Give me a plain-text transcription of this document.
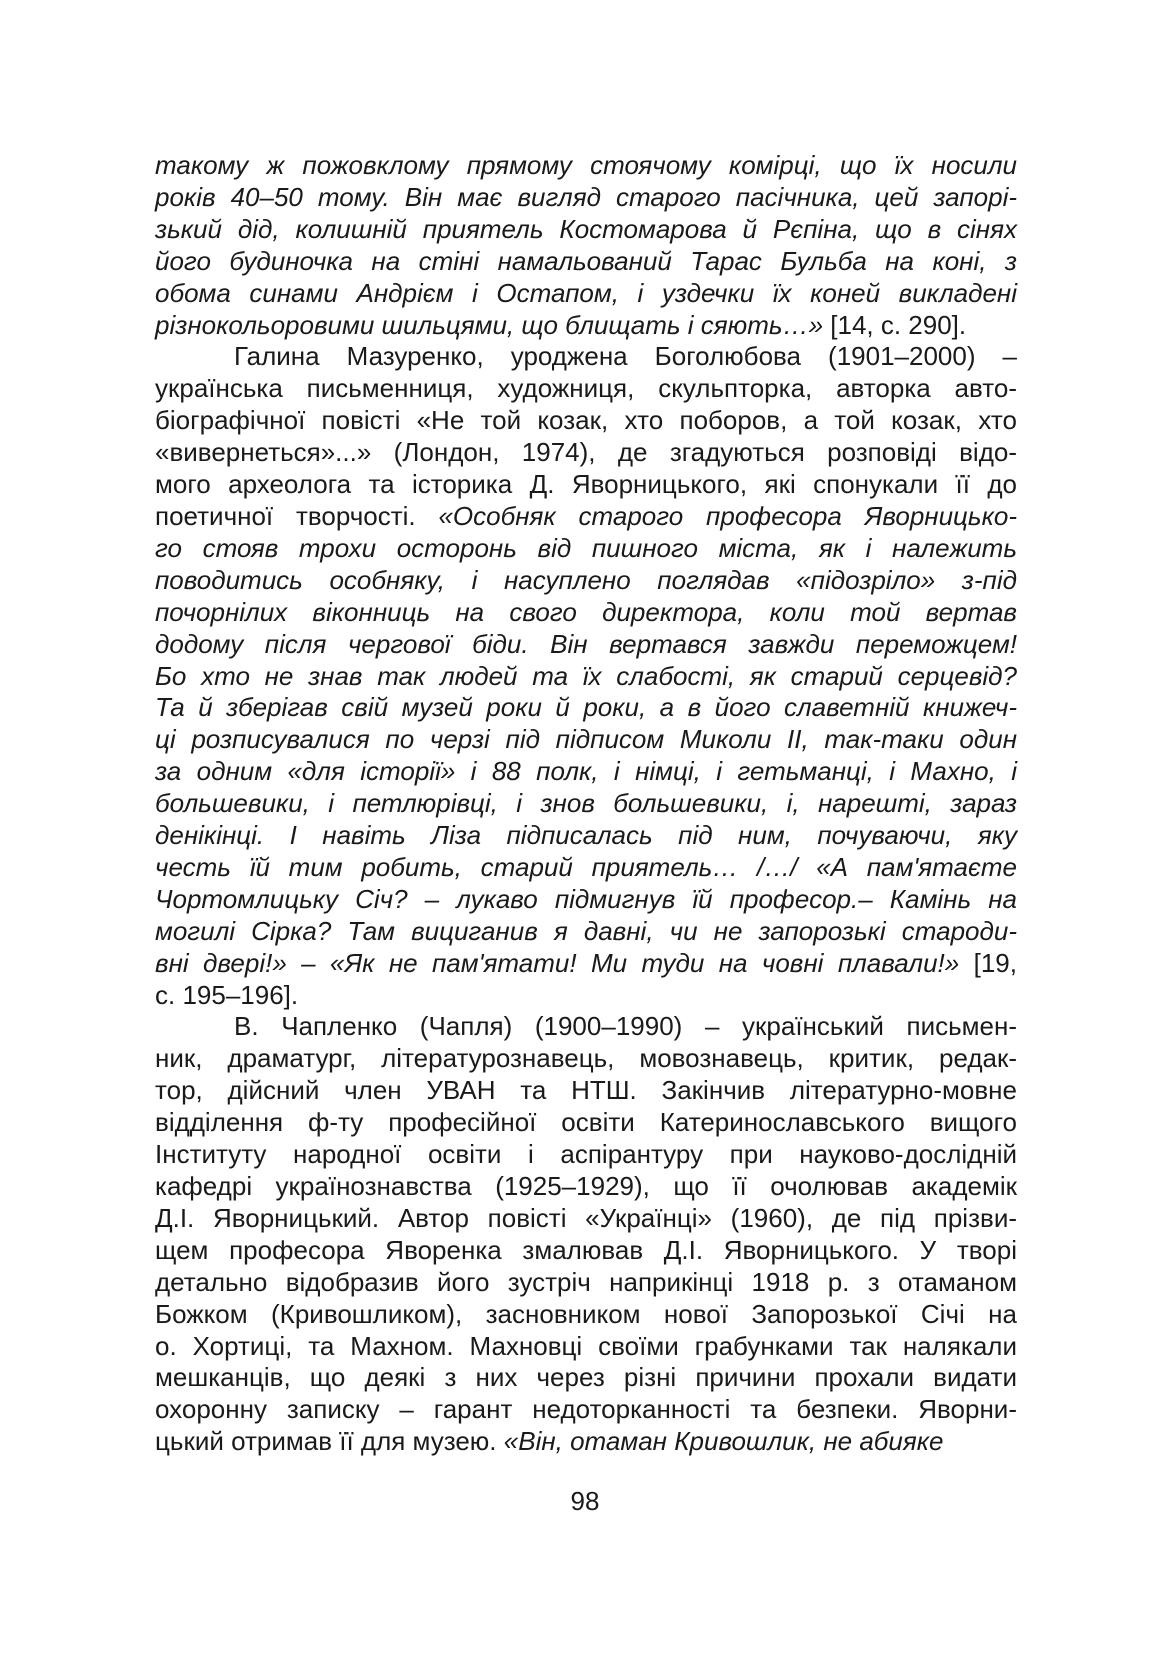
такому ж пожовклому прямому стоячому комірці, що їх носили
років 40–50 тому. Він має вигляд старого пасічника, цей запорі-
зький дід, колишній приятель Костомарова й Рєпіна, що в сінях
його будиночка на стіні намальований Тарас Бульба на коні, з
обома синами Андрієм і Остапом, і уздечки їх коней викладені
різнокольоровими шильцями, що блищать і сяють…» [14, с. 290].
Галина Мазуренко, уроджена Боголюбова (1901–2000) –
українська письменниця, художниця, скульпторка, авторка авто-
біографічної повісті «Не той козак, хто поборов, а той козак, хто
«вивернеться»...» (Лондон, 1974), де згадуються розповіді відо-
мого археолога та історика Д. Яворницького, які спонукали її до
поетичної творчості. «Особняк старого професора Яворницько-
го стояв трохи осторонь від пишного міста, як і належить
поводитись особняку, і насуплено поглядав «підозріло» з-під
почорнілих віконниць на свого директора, коли той вертав
додому після чергової біди. Він вертався завжди переможцем!
Бо хто не знав так людей та їх слабості, як старий серцевід?
Та й зберігав свій музей роки й роки, а в його славетній книжеч-
ці розписувалися по черзі під підписом Миколи ІІ, так-таки один
за одним «для історії» і 88 полк, і німці, і гетьманці, і Махно, і
большевики, і петлюрівці, і знов большевики, і, нарешті, зараз
денікінці. І навіть Ліза підписалась під ним, почуваючи, яку
честь їй тим робить, старий приятель… /…/ «А пам'ятаєте
Чортомлицьку Січ? – лукаво підмигнув їй професор.– Камінь на
могилі Сірка? Там вициганив я давні, чи не запорозькі староди-
вні двері!» – «Як не пам'ятати! Ми туди на човні плавали!» [19,
с. 195–196].
В. Чапленко (Чапля) (1900–1990) – український письмен-
ник, драматург, літературознавець, мовознавець, критик, редак-
тор, дійсний член УВАН та НТШ. Закінчив літературно-мовне
відділення ф-ту професійної освіти Катеринославського вищого
Інституту народної освіти і аспірантуру при науково-дослідній
кафедрі українознавства (1925–1929), що її очолював академік
Д.І. Яворницький. Автор повісті «Українці» (1960), де під прізви-
щем професора Яворенка змалював Д.І. Яворницького. У творі
детально відобразив його зустріч наприкінці 1918 р. з отаманом
Божком (Кривошликом), засновником нової Запорозької Січі на
о. Хортиці, та Махном. Махновці своїми грабунками так налякали
мешканців, що деякі з них через різні причини прохали видати
охоронну записку – гарант недоторканності та безпеки. Яворни-
цький отримав її для музею. «Він, отаман Кривошлик, не абияке
98
